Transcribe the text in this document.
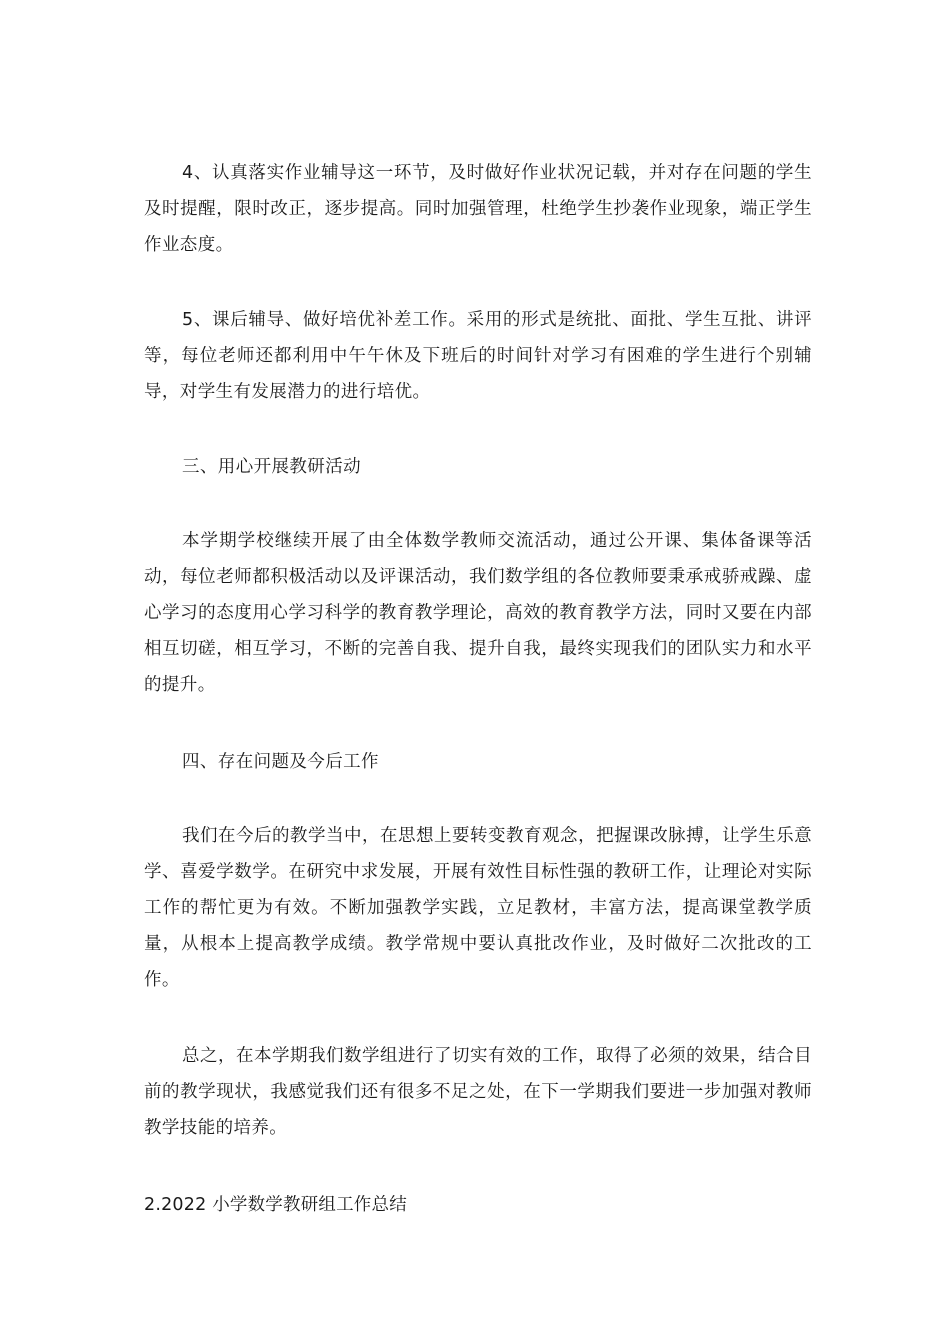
4、认真落实作业辅导这一环节，及时做好作业状况记载，并对存在问题的学生及时提醒，限时改正，逐步提高。同时加强管理，杜绝学生抄袭作业现象，端正学生作业态度。

5、课后辅导、做好培优补差工作。采用的形式是统批、面批、学生互批、讲评等，每位老师还都利用中午午休及下班后的时间针对学习有困难的学生进行个别辅导，对学生有发展潜力的进行培优。

三、用心开展教研活动

本学期学校继续开展了由全体数学教师交流活动，通过公开课、集体备课等活动，每位老师都积极活动以及评课活动，我们数学组的各位教师要秉承戒骄戒躁、虚心学习的态度用心学习科学的教育教学理论，高效的教育教学方法，同时又要在内部相互切磋，相互学习，不断的完善自我、提升自我，最终实现我们的团队实力和水平的提升。

四、存在问题及今后工作

我们在今后的教学当中，在思想上要转变教育观念，把握课改脉搏，让学生乐意学、喜爱学数学。在研究中求发展，开展有效性目标性强的教研工作，让理论对实际工作的帮忙更为有效。不断加强教学实践，立足教材，丰富方法，提高课堂教学质量，从根本上提高教学成绩。教学常规中要认真批改作业，及时做好二次批改的工作。

总之，在本学期我们数学组进行了切实有效的工作，取得了必须的效果，结合目前的教学现状，我感觉我们还有很多不足之处，在下一学期我们要进一步加强对教师教学技能的培养。

2.2022 小学数学教研组工作总结
